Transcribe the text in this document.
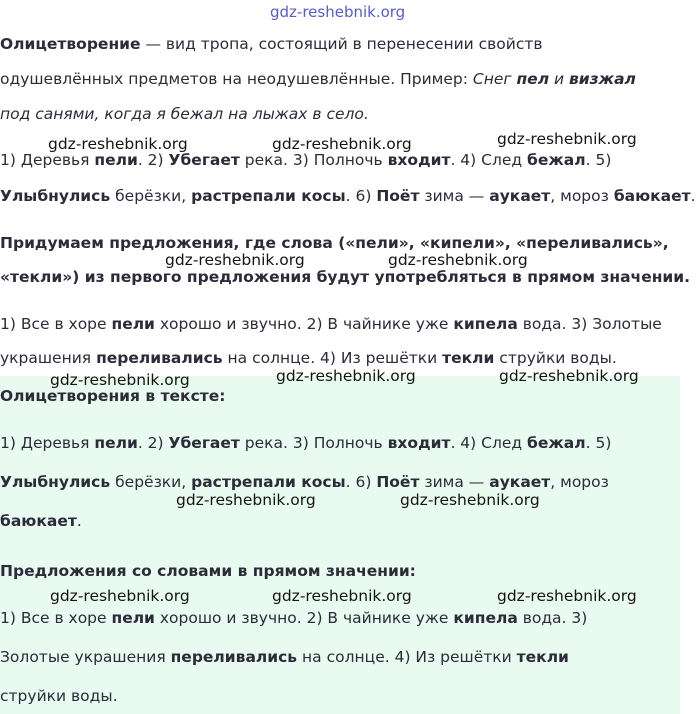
gdz-reshebnik.org
gdz-reshebnik.org	gdz-reshebnik.org	gdz-reshebnik.org
gdz-reshebnik.org	gdz-reshebnik.org
gdz-reshebnik.org	gdz-reshebnik.org	gdz-reshebnik.org
gdz-reshebnik.org	gdz-reshebnik.org
gdz-reshebnik.org	gdz-reshebnik.org	gdz-reshebnik.org
Олицетворение — вид тропа, состоящий в перенесении свойств
одушевлённых предметов на неодушевлённые. Пример: Снег пел и визжал
под санями, когда я бежал на лыжах в село.
1) Деревья пели. 2) Убегает река. 3) Полночь входит. 4) След бежал. 5)
Улыбнулись берёзки, растрепали косы. 6) Поёт зима — аукает, мороз баюкает.
Придумаем предложения, где слова («пели», «кипели», «переливались»,
«текли») из первого предложения будут употребляться в прямом значении.
1) Все в хоре пели хорошо и звучно. 2) В чайнике уже кипела вода. 3) Золотые
украшения переливались на солнце. 4) Из решётки текли струйки воды.
Олицетворения в тексте:
1) Деревья пели. 2) Убегает река. 3) Полночь входит. 4) След бежал. 5)
Улыбнулись берёзки, растрепали косы. 6) Поёт зима — аукает, мороз
баюкает.
Предложения со словами в прямом значении:
1) Все в хоре пели хорошо и звучно. 2) В чайнике уже кипела вода. 3)
Золотые украшения переливались на солнце. 4) Из решётки текли
струйки воды.
